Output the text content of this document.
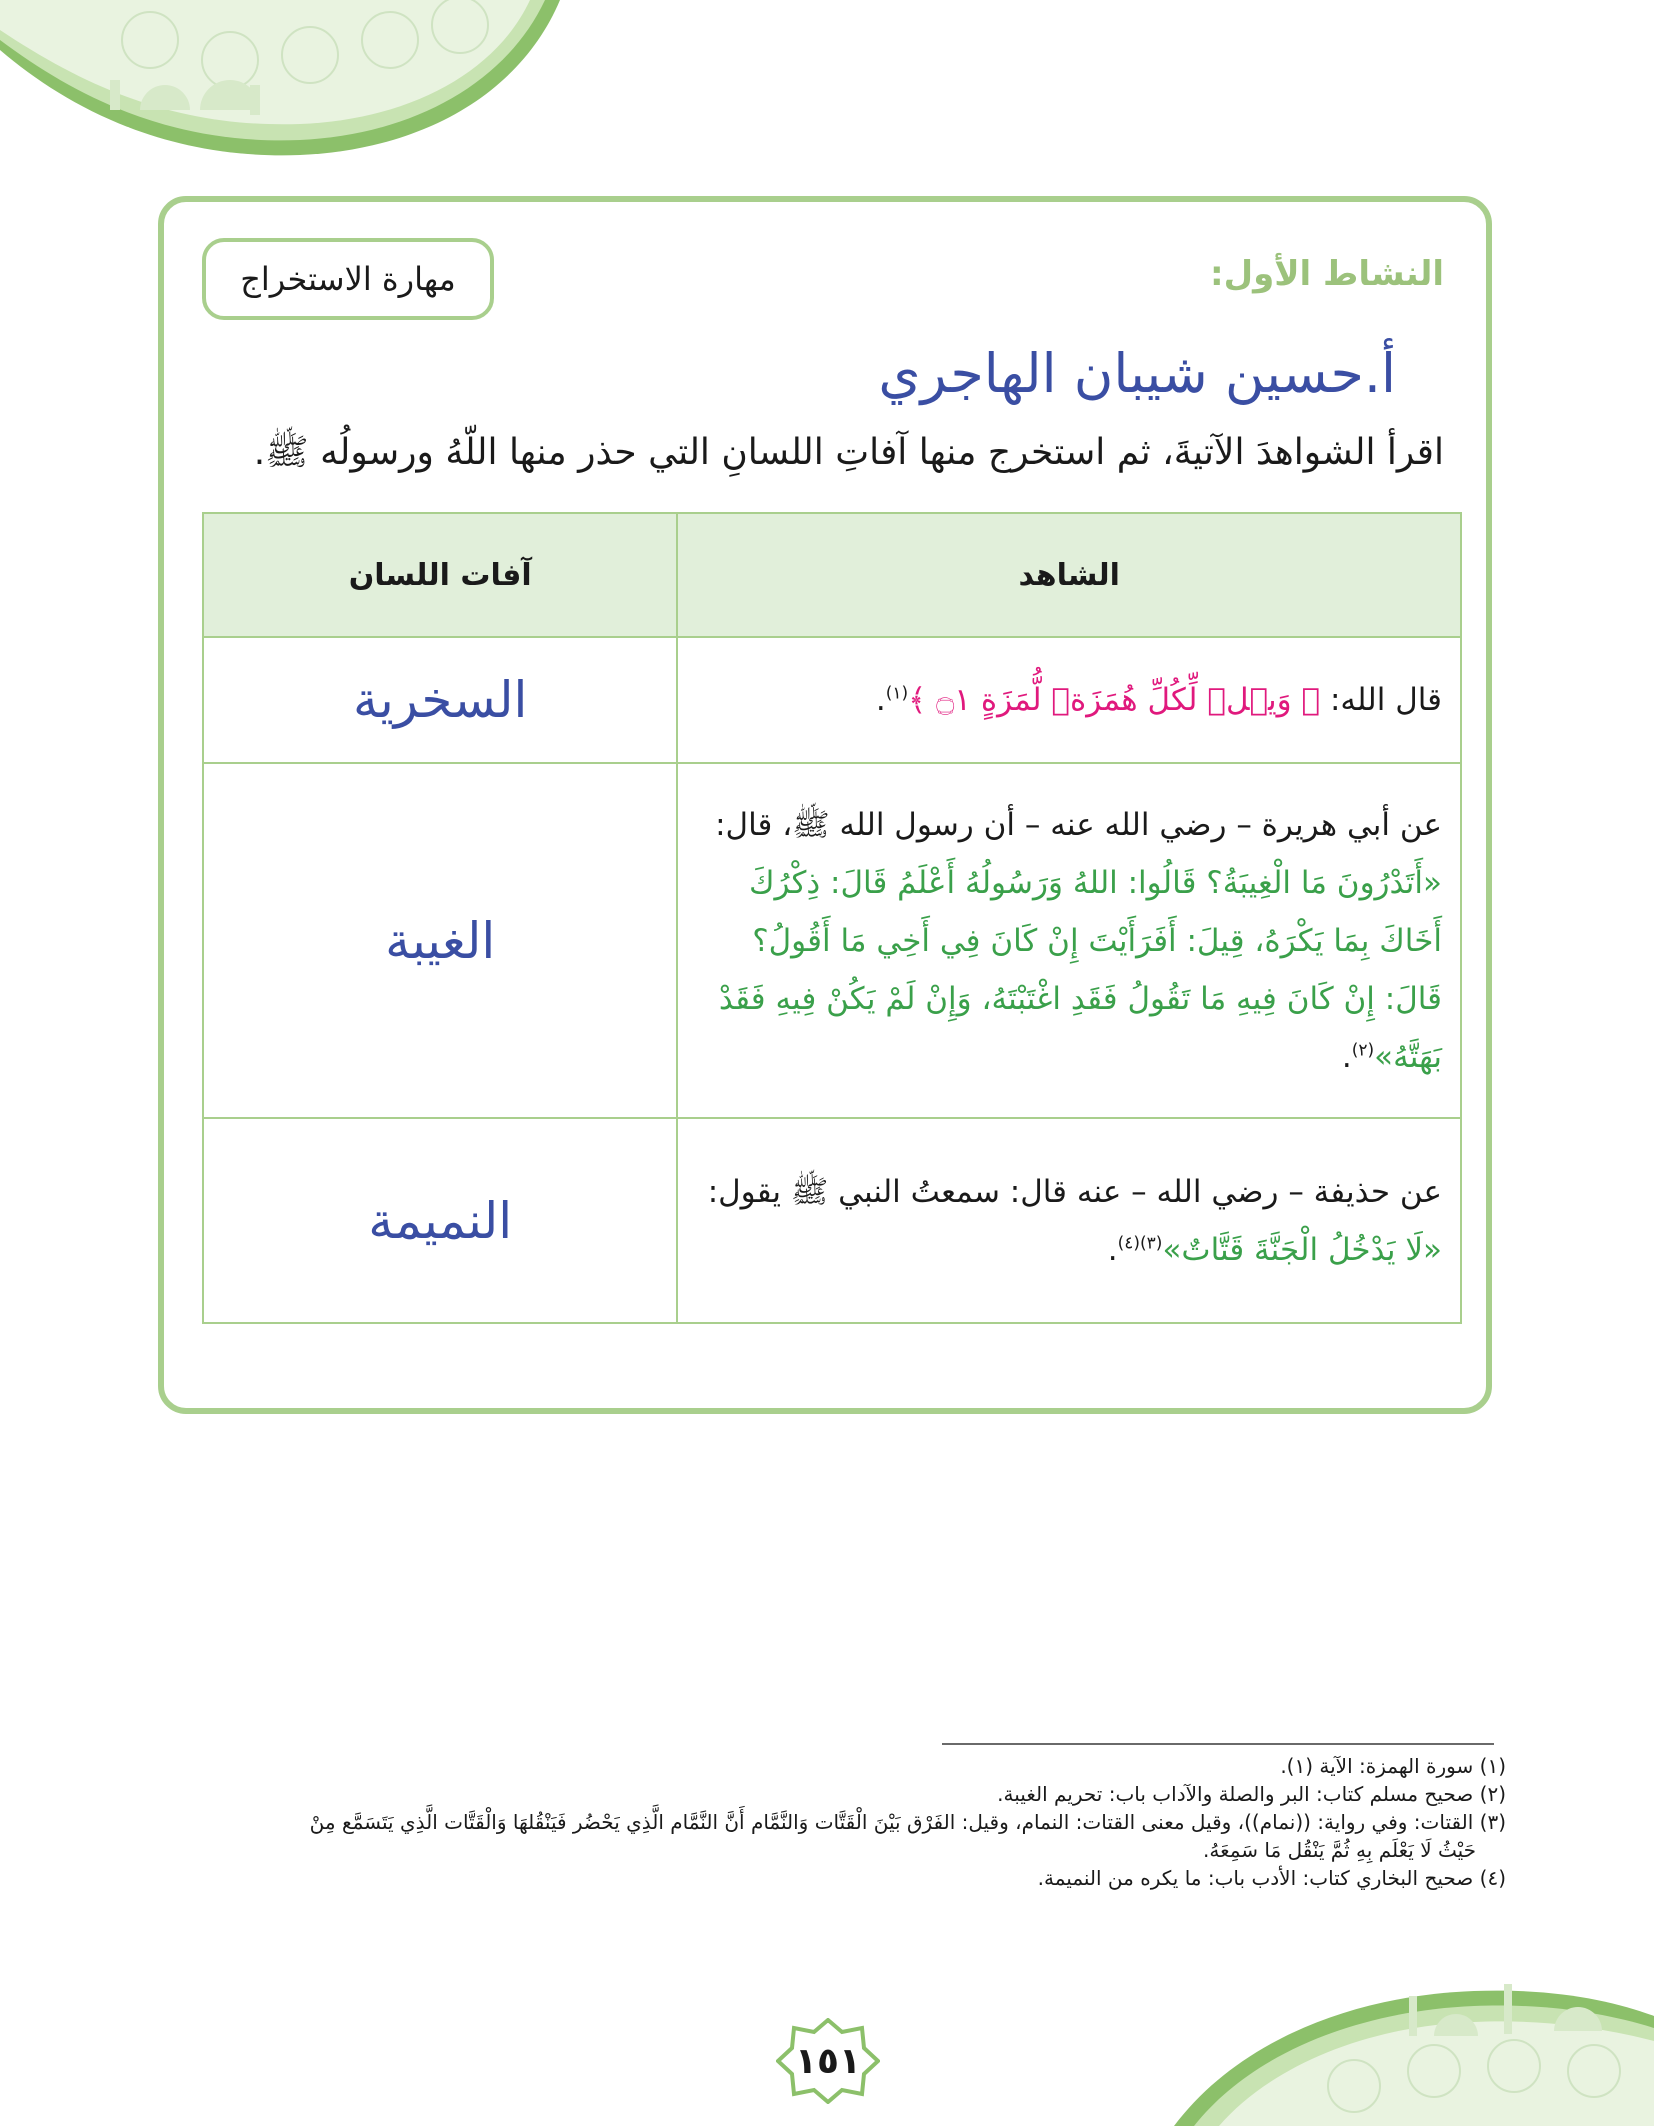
النشاط الأول:
مهارة الاستخراج
أ.حسين شيبان الهاجري
اقرأ الشواهدَ الآتيةَ، ثم استخرج منها آفاتِ اللسانِ التي حذر منها اللّهُ ورسولُه ﷺ.
الشاهد	آفات اللسان
قال الله: ﴿ وَيۡلٞ لِّكُلِّ هُمَزَةٖ لُّمَزَةٍ ۝١ ﴾$^{(١)}$.	السخرية
عن أبي هريرة – رضي الله عنه – أن رسول الله ﷺ، قال: «أَتَدْرُونَ مَا الْغِيبَةُ؟ قَالُوا: اللهُ وَرَسُولُهُ أَعْلَمُ قَالَ: ذِكْرُكَ أَخَاكَ بِمَا يَكْرَهُ، قِيلَ: أَفَرَأَيْتَ إِنْ كَانَ فِي أَخِي مَا أَقُولُ؟ قَالَ: إِنْ كَانَ فِيهِ مَا تَقُولُ فَقَدِ اغْتَبْتَهُ، وَإِنْ لَمْ يَكُنْ فِيهِ فَقَدْ بَهَتَّهُ»$^{(٢)}$.	الغيبة
عن حذيفة – رضي الله – عنه قال: سمعتُ النبي ﷺ يقول: «لَا يَدْخُلُ الْجَنَّةَ قَتَّاتٌ»$^{(٣)(٤)}$.	النميمة
(١) سورة الهمزة: الآية (١).
(٢) صحيح مسلم كتاب: البر والصلة والآداب باب: تحريم الغيبة.
(٣) القتات: وفي رواية: ((نمام))، وقيل معنى القتات: النمام، وقيل: الفَرْق بَيْنَ الْقَتَّات وَالنَّمَّام أَنَّ النَّمَّام الَّذِي يَحْضُر فَيَنْقُلهَا وَالْقَتَّات الَّذِي يَتَسَمَّع مِنْ
حَيْثُ لَا يَعْلَم بِهِ ثُمَّ يَنْقُل مَا سَمِعَهُ.
(٤) صحيح البخاري كتاب: الأدب باب: ما يكره من النميمة.
١٥١
